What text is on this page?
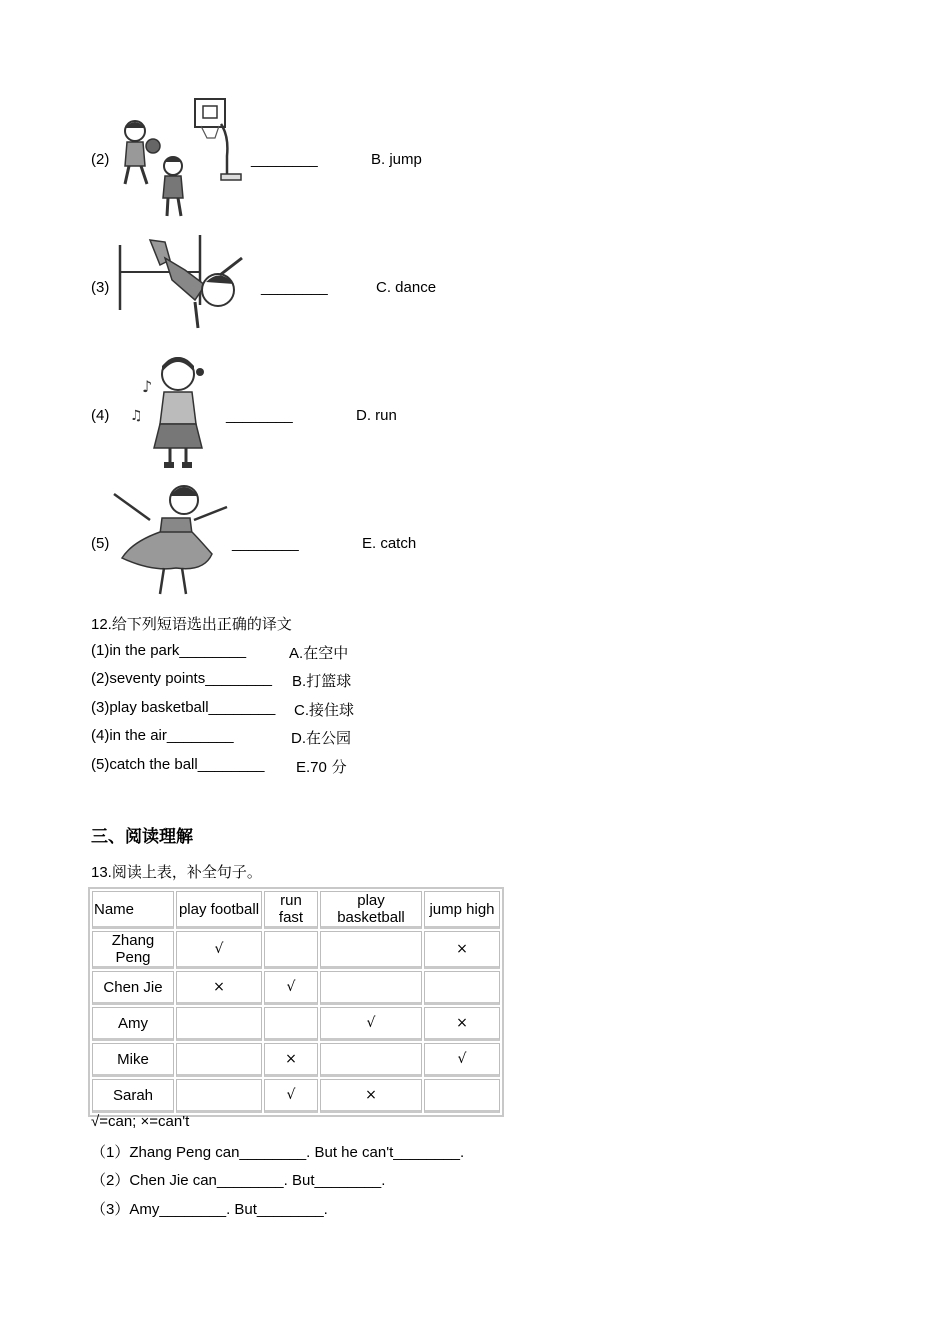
(2)	________	B. jump
(3)	________	C. dance
(4)
♪
♫	________	D. run
(5)	________	E. catch
12.给下列短语选出正确的译文
(1)in the park________	A.在空中
(2)seventy points________ B.打篮球
(3)play basketball________ C.接住球
(4)in the air________	D.在公园
(5)catch the ball________ E.70 分
三、阅读理解
13.阅读上表，补全句子。
Name	play football	run fast	play basketball	jump high
Zhang Peng	√			×
Chen Jie	×	√		
Amy			√	×
Mike		×		√
Sarah		√	×	
√=can; ×=can't
（1）Zhang Peng can________. But he can't________.
（2）Chen Jie can________. But________.
（3）Amy________. But________.
